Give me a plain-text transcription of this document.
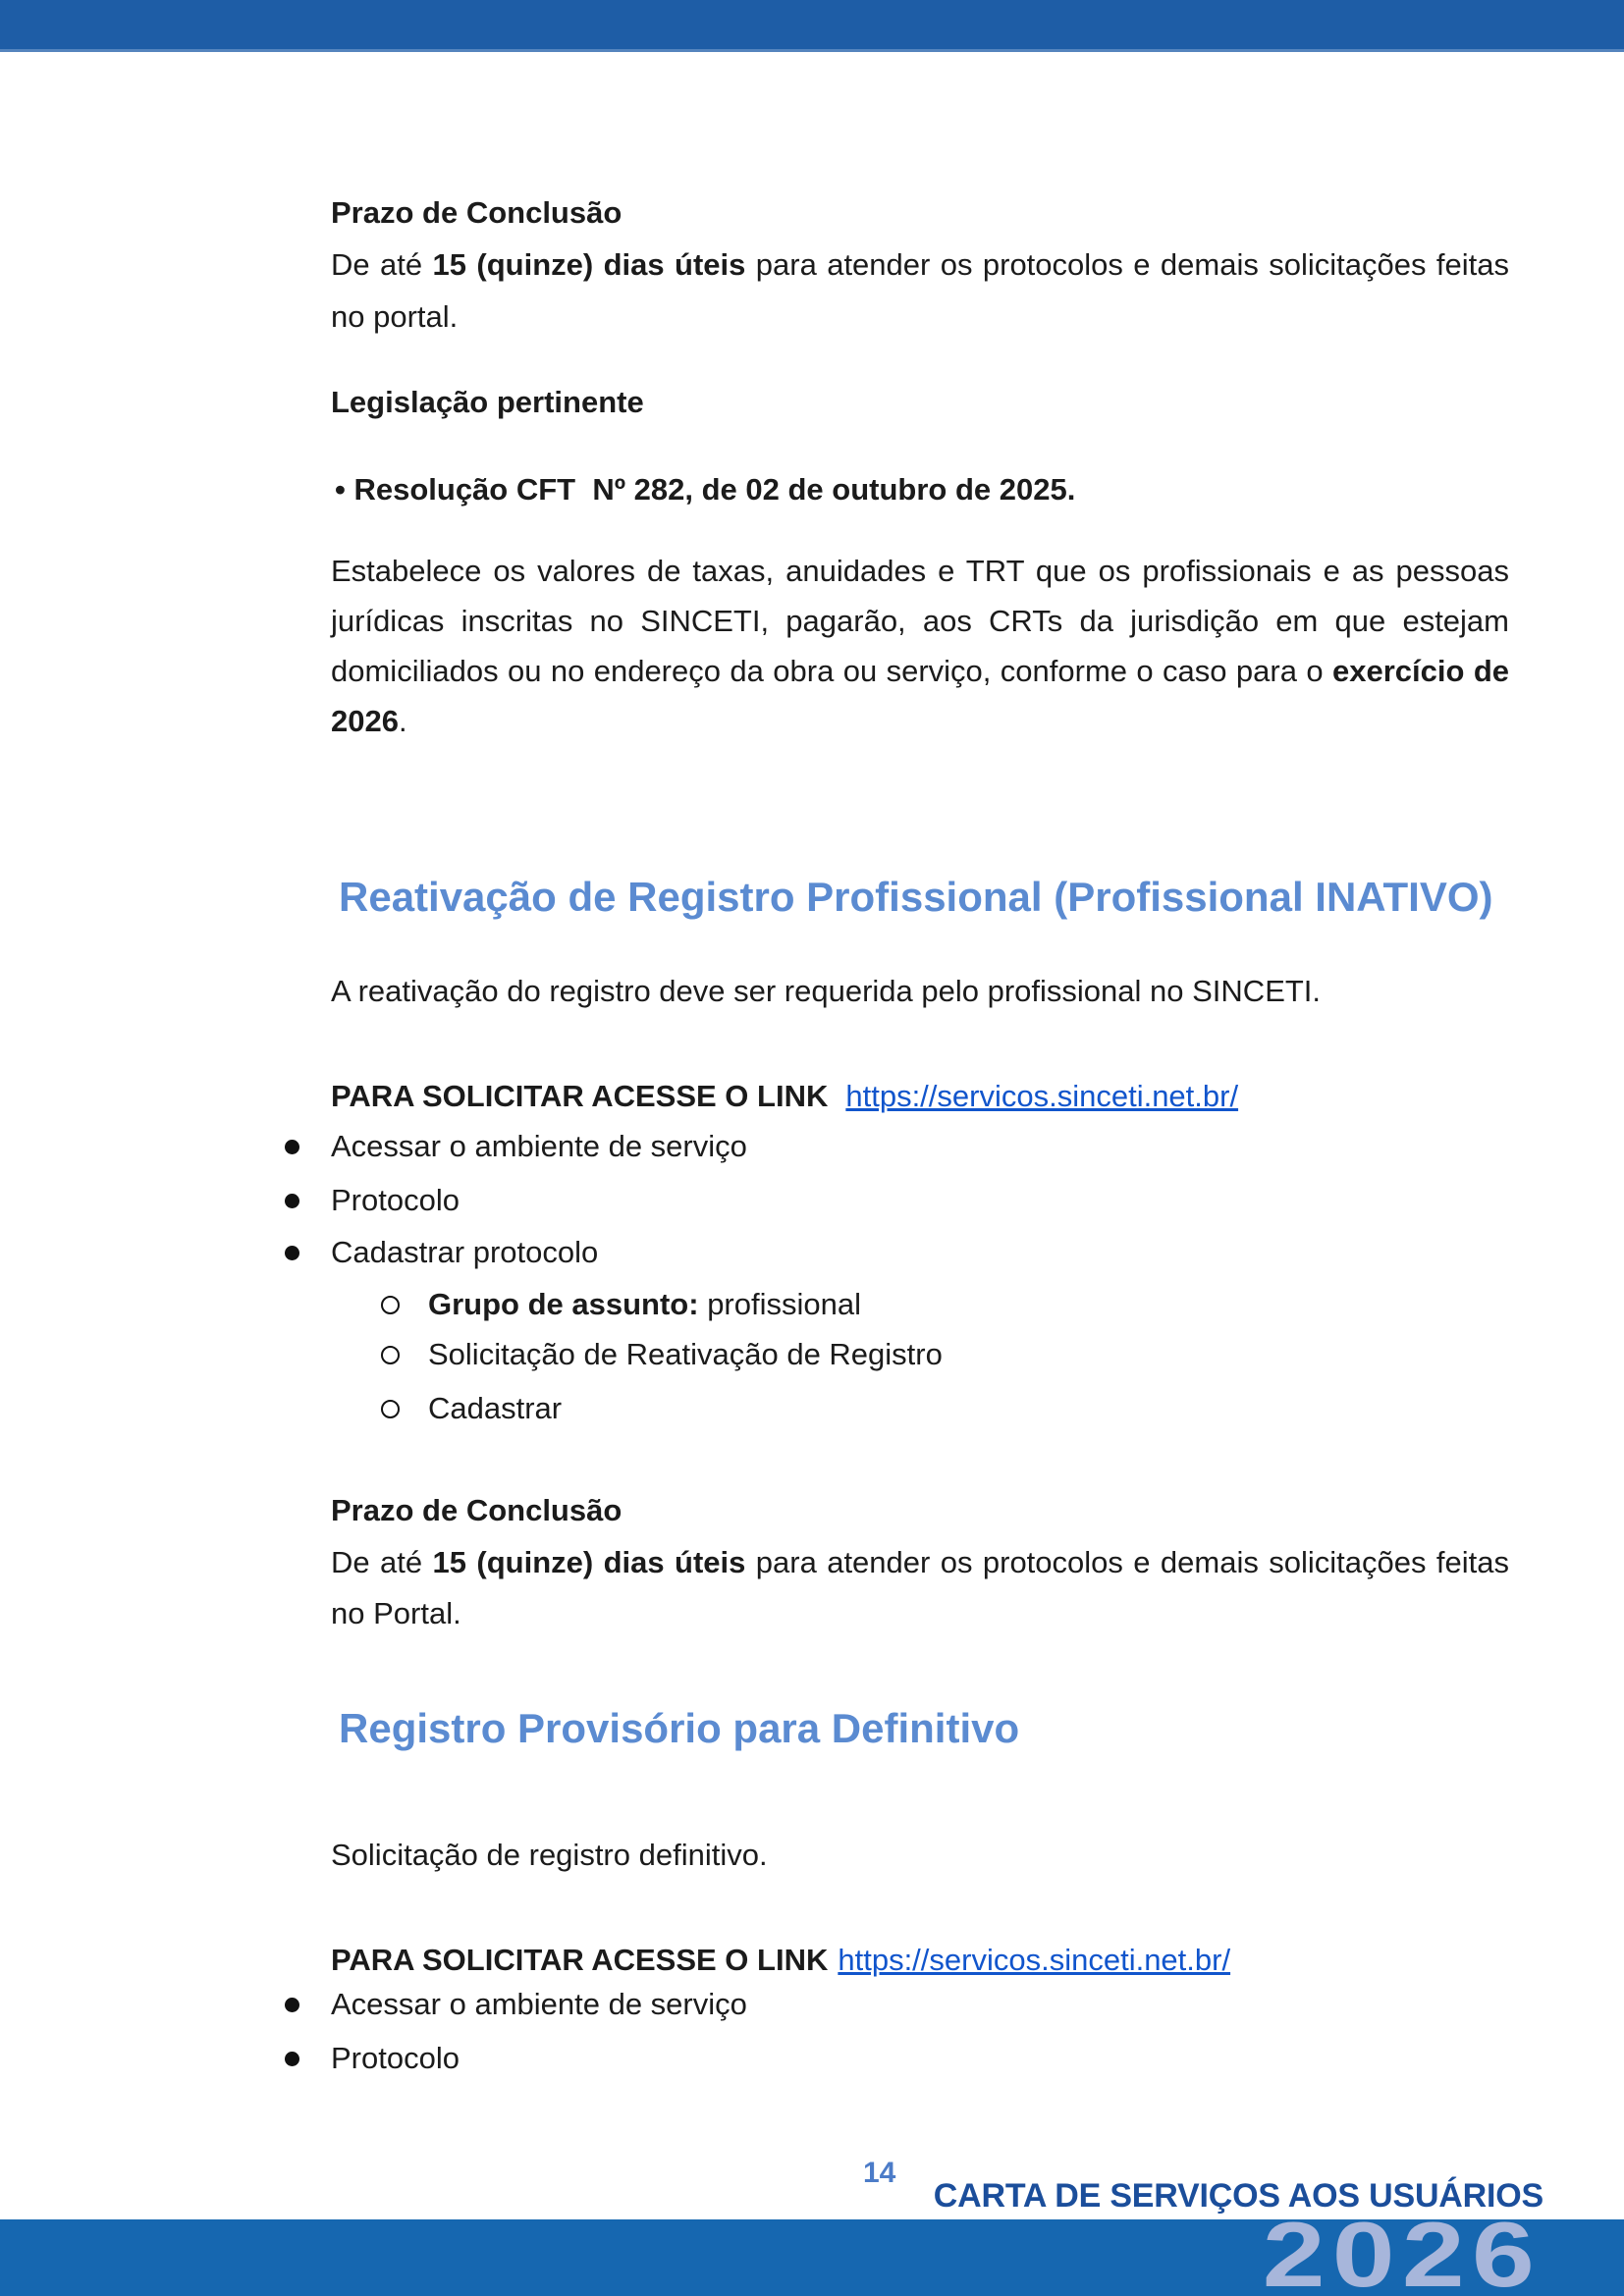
Prazo de Conclusão
De até 15 (quinze) dias úteis para atender os protocolos e demais solicitações feitas no portal.
Legislação pertinente
• Resolução CFT  Nº 282, de 02 de outubro de 2025.
Estabelece os valores de taxas, anuidades e TRT que os profissionais e as pessoas jurídicas inscritas no SINCETI, pagarão, aos CRTs da jurisdição em que estejam domiciliados ou no endereço da obra ou serviço, conforme o caso para o exercício de 2026.
Reativação de Registro Profissional (Profissional INATIVO)
A reativação do registro deve ser requerida pelo profissional no SINCETI.
PARA SOLICITAR ACESSE O LINK https://servicos.sinceti.net.br/
Acessar o ambiente de serviço
Protocolo
Cadastrar protocolo
Grupo de assunto: profissional
Solicitação de Reativação de Registro
Cadastrar
Prazo de Conclusão
De até 15 (quinze) dias úteis para atender os protocolos e demais solicitações feitas no Portal.
Registro Provisório para Definitivo
Solicitação de registro definitivo.
PARA SOLICITAR ACESSE O LINK https://servicos.sinceti.net.br/
Acessar o ambiente de serviço
Protocolo
14
CARTA DE SERVIÇOS AOS USUÁRIOS
2026
